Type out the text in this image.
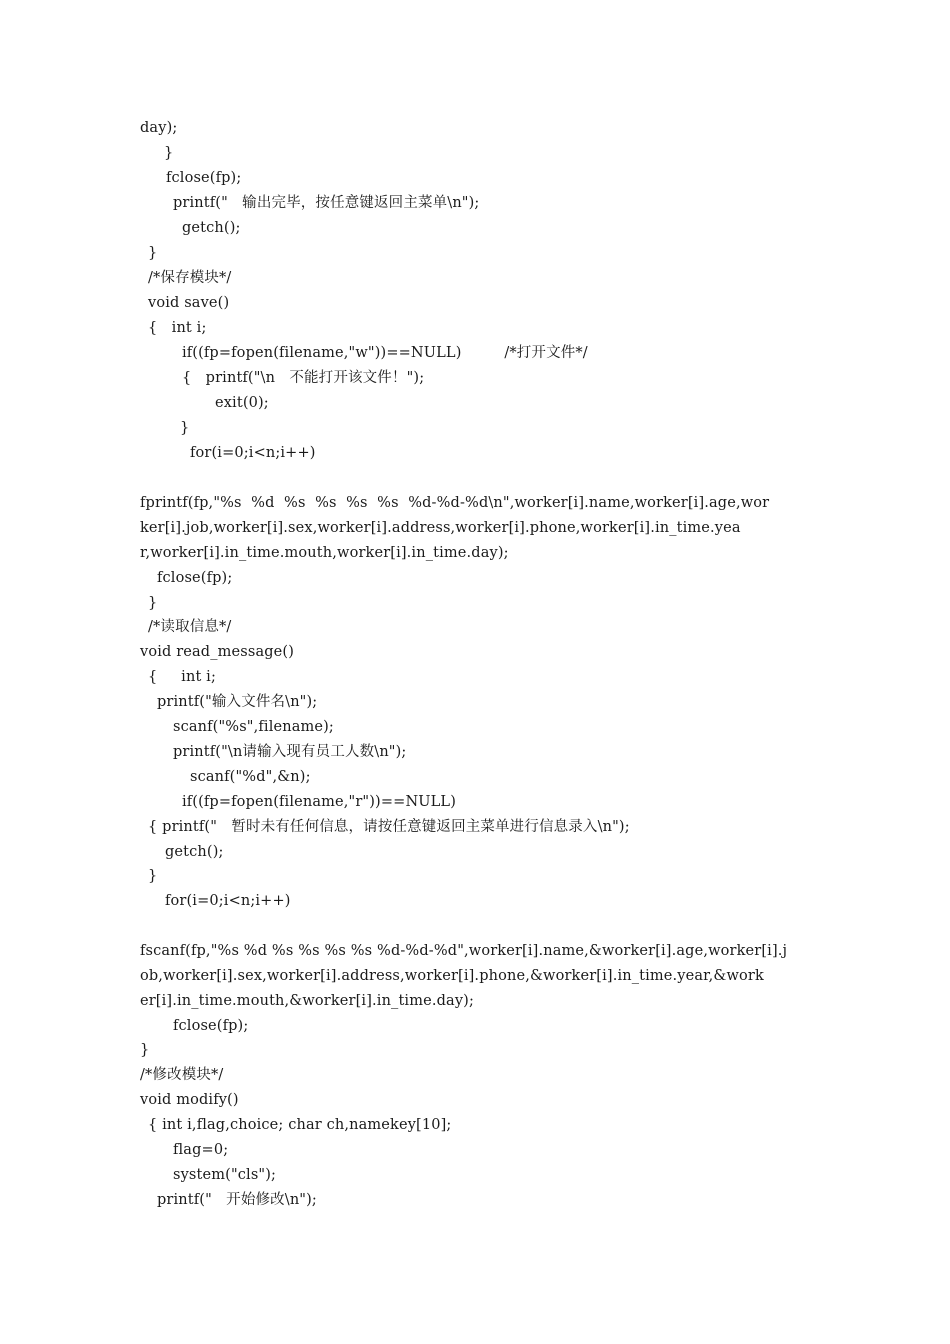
day);
}
fclose(fp);
printf("   输出完毕，按任意键返回主菜单\n");
getch();
}
/*保存模块*/
void save()
{   int i;
if((fp=fopen(filename,"w"))==NULL)         /*打开文件*/
{   printf("\n   不能打开该文件！");
exit(0);
}
for(i=0;i<n;i++)
fprintf(fp,"%s  %d  %s  %s  %s  %s  %d-%d-%d\n",worker[i].name,worker[i].age,wor
ker[i].job,worker[i].sex,worker[i].address,worker[i].phone,worker[i].in_time.yea
r,worker[i].in_time.mouth,worker[i].in_time.day);
fclose(fp);
}
/*读取信息*/
void read_message()
{     int i;
printf("输入文件名\n");
scanf("%s",filename);
printf("\n请输入现有员工人数\n");
scanf("%d",&n);
if((fp=fopen(filename,"r"))==NULL)
{ printf("   暂时未有任何信息，请按任意键返回主菜单进行信息录入\n");
getch();
}
for(i=0;i<n;i++)
fscanf(fp,"%s %d %s %s %s %s %d-%d-%d",worker[i].name,&worker[i].age,worker[i].j
ob,worker[i].sex,worker[i].address,worker[i].phone,&worker[i].in_time.year,&work
er[i].in_time.mouth,&worker[i].in_time.day);
fclose(fp);
}
/*修改模块*/
void modify()
{ int i,flag,choice; char ch,namekey[10];
flag=0;
system("cls");
printf("   开始修改\n");
